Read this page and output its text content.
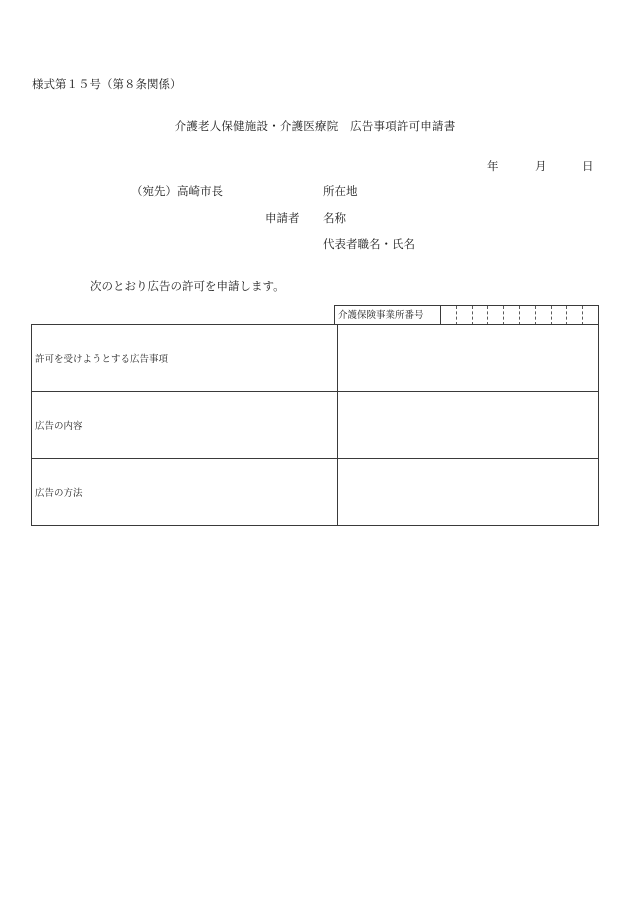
様式第１５号（第８条関係）
介護老人保健施設・介護医療院　広告事項許可申請書
年	月	日
（宛先）高崎市長	所在地
申請者 名称
代表者職名・氏名
次のとおり広告の許可を申請します。
介護保険事業所番号
許可を受けようとする広告事項	
広告の内容	
広告の方法	
